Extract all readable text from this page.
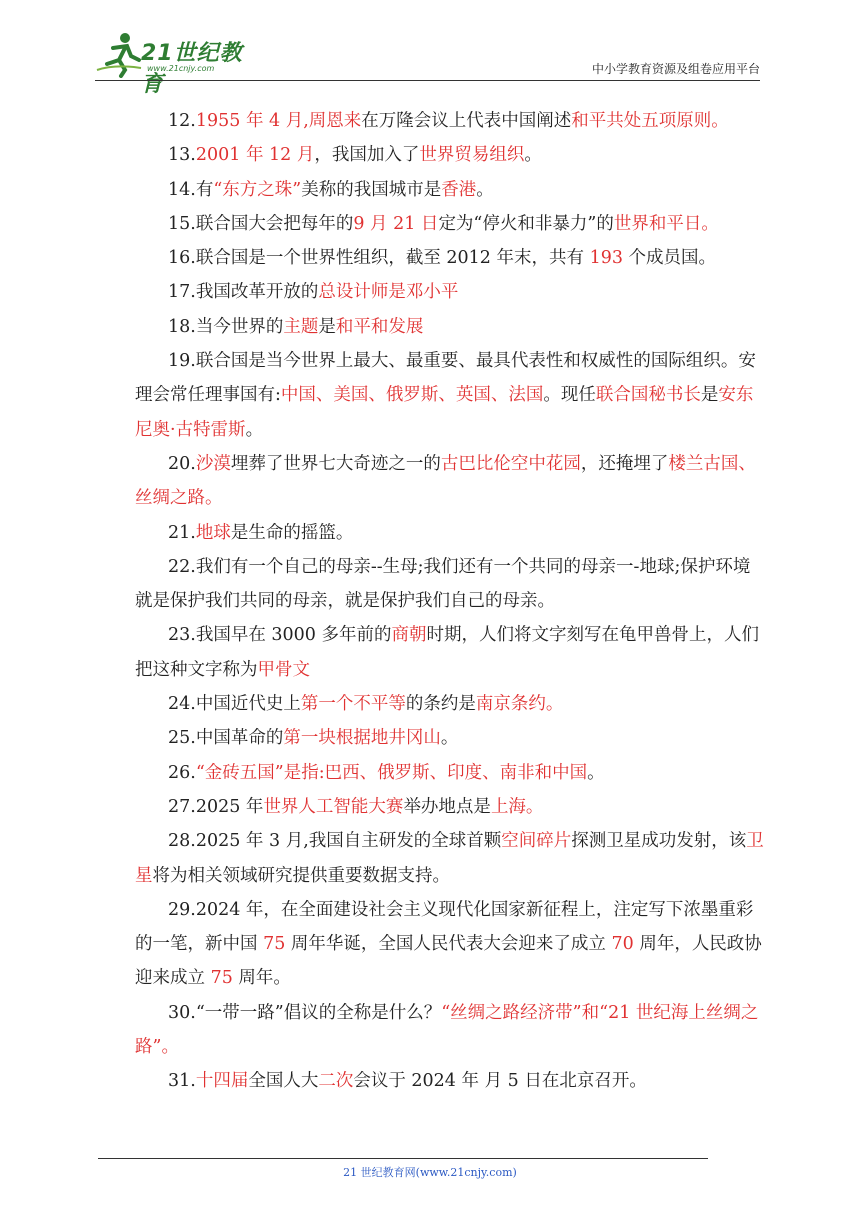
21世纪教育
www.21cnjy.com	中小学教育资源及组卷应用平台

12.1955 年 4 月,周恩来在万隆会议上代表中国阐述和平共处五项原则。

13.2001 年 12 月，我国加入了世界贸易组织。

14.有“东方之珠”美称的我国城市是香港。

15.联合国大会把每年的9 月 21 日定为“停火和非暴力”的世界和平日。

16.联合国是一个世界性组织，截至 2012 年末，共有 193 个成员国。

17.我国改革开放的总设计师是邓小平

18.当今世界的主题是和平和发展

19.联合国是当今世界上最大、最重要、最具代表性和权威性的国际组织。安理会常任理事国有:中国、美国、俄罗斯、英国、法国。现任联合国秘书长是安东尼奥·古特雷斯。

20.沙漠埋葬了世界七大奇迹之一的古巴比伦空中花园，还掩埋了楼兰古国、丝绸之路。

21.地球是生命的摇篮。

22.我们有一个自己的母亲--生母;我们还有一个共同的母亲一-地球;保护环境就是保护我们共同的母亲，就是保护我们自己的母亲。

23.我国早在 3000 多年前的商朝时期，人们将文字刻写在龟甲兽骨上，人们把这种文字称为甲骨文

24.中国近代史上第一个不平等的条约是南京条约。

25.中国革命的第一块根据地井冈山。

26.“金砖五国”是指:巴西、俄罗斯、印度、南非和中国。

27.2025 年世界人工智能大赛举办地点是上海。

28.2025 年 3 月,我国自主研发的全球首颗空间碎片探测卫星成功发射，该卫星将为相关领域研究提供重要数据支持。

29.2024 年，在全面建设社会主义现代化国家新征程上，注定写下浓墨重彩的一笔，新中国 75 周年华诞，全国人民代表大会迎来了成立 70 周年，人民政协迎来成立 75 周年。

30.“一带一路”倡议的全称是什么？“丝绸之路经济带”和“21 世纪海上丝绸之路”。

31.十四届全国人大二次会议于 2024 年 月 5 日在北京召开。

21 世纪教育网(www.21cnjy.com)
